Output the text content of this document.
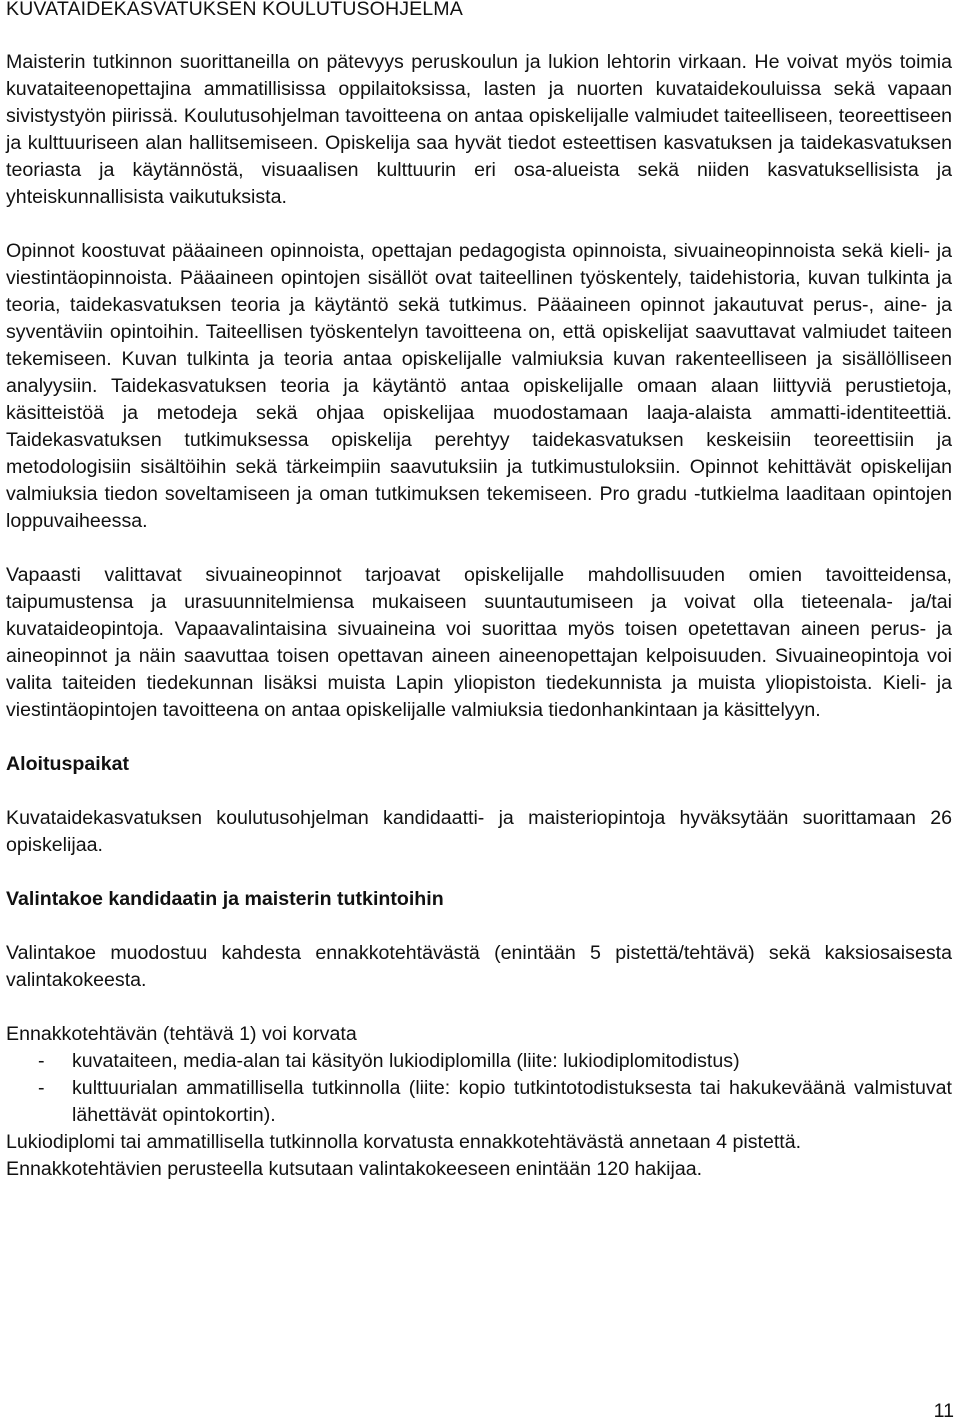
KUVATAIDEKASVATUKSEN KOULUTUSOHJELMA

Maisterin tutkinnon suorittaneilla on pätevyys peruskoulun ja lukion lehtorin virkaan. He voivat myös toimia kuvataiteenopettajina ammatillisissa oppilaitoksissa, lasten ja nuorten kuvataidekouluissa sekä vapaan sivistystyön piirissä. Koulutusohjelman tavoitteena on antaa opiskelijalle valmiudet taiteelliseen, teoreettiseen ja kulttuuriseen alan hallitsemiseen. Opiskelija saa hyvät tiedot esteettisen kasvatuksen ja taidekasvatuksen teoriasta ja käytännöstä, visuaalisen kulttuurin eri osa-alueista sekä niiden kasvatuksellisista ja yhteiskunnallisista vaikutuksista.

Opinnot koostuvat pääaineen opinnoista, opettajan pedagogista opinnoista, sivuaineopinnoista sekä kieli- ja viestintäopinnoista. Pääaineen opintojen sisällöt ovat taiteellinen työskentely, taidehistoria, kuvan tulkinta ja teoria, taidekasvatuksen teoria ja käytäntö sekä tutkimus. Pääaineen opinnot jakautuvat perus-, aine- ja syventäviin opintoihin. Taiteellisen työskentelyn tavoitteena on, että opiskelijat saavuttavat valmiudet taiteen tekemiseen. Kuvan tulkinta ja teoria antaa opiskelijalle valmiuksia kuvan rakenteelliseen ja sisällölliseen analyysiin. Taidekasvatuksen teoria ja käytäntö antaa opiskelijalle omaan alaan liittyviä perustietoja, käsitteistöä ja metodeja sekä ohjaa opiskelijaa muodostamaan laaja-alaista ammatti-identiteettiä. Taidekasvatuksen tutkimuksessa opiskelija perehtyy taidekasvatuksen keskeisiin teoreettisiin ja metodologisiin sisältöihin sekä tärkeimpiin saavutuksiin ja tutkimustuloksiin. Opinnot kehittävät opiskelijan valmiuksia tiedon soveltamiseen ja oman tutkimuksen tekemiseen. Pro gradu -tutkielma laaditaan opintojen loppuvaiheessa.

Vapaasti valittavat sivuaineopinnot tarjoavat opiskelijalle mahdollisuuden omien tavoitteidensa, taipumustensa ja urasuunnitelmiensa mukaiseen suuntautumiseen ja voivat olla tieteenala- ja/tai kuvataideopintoja. Vapaavalintaisina sivuaineina voi suorittaa myös toisen opetettavan aineen perus- ja aineopinnot ja näin saavuttaa toisen opettavan aineen aineenopettajan kelpoisuuden. Sivuaineopintoja voi valita taiteiden tiedekunnan lisäksi muista Lapin yliopiston tiedekunnista ja muista yliopistoista. Kieli- ja viestintäopintojen tavoitteena on antaa opiskelijalle valmiuksia tiedonhankintaan ja käsittelyyn.

Aloituspaikat

Kuvataidekasvatuksen koulutusohjelman kandidaatti- ja maisteriopintoja hyväksytään suorittamaan 26 opiskelijaa.

Valintakoe kandidaatin ja maisterin tutkintoihin

Valintakoe muodostuu kahdesta ennakkotehtävästä (enintään 5 pistettä/tehtävä) sekä kaksiosaisesta valintakokeesta.

Ennakkotehtävän (tehtävä 1) voi korvata

- kuvataiteen, media-alan tai käsityön lukiodiplomilla (liite: lukiodiplomitodistus)
- kulttuurialan ammatillisella tutkinnolla (liite: kopio tutkintotodistuksesta tai hakukeväänä valmistuvat lähettävät opintokortin).

Lukiodiplomi tai ammatillisella tutkinnolla korvatusta ennakkotehtävästä annetaan 4 pistettä.

Ennakkotehtävien perusteella kutsutaan valintakokeeseen enintään 120 hakijaa.

11
